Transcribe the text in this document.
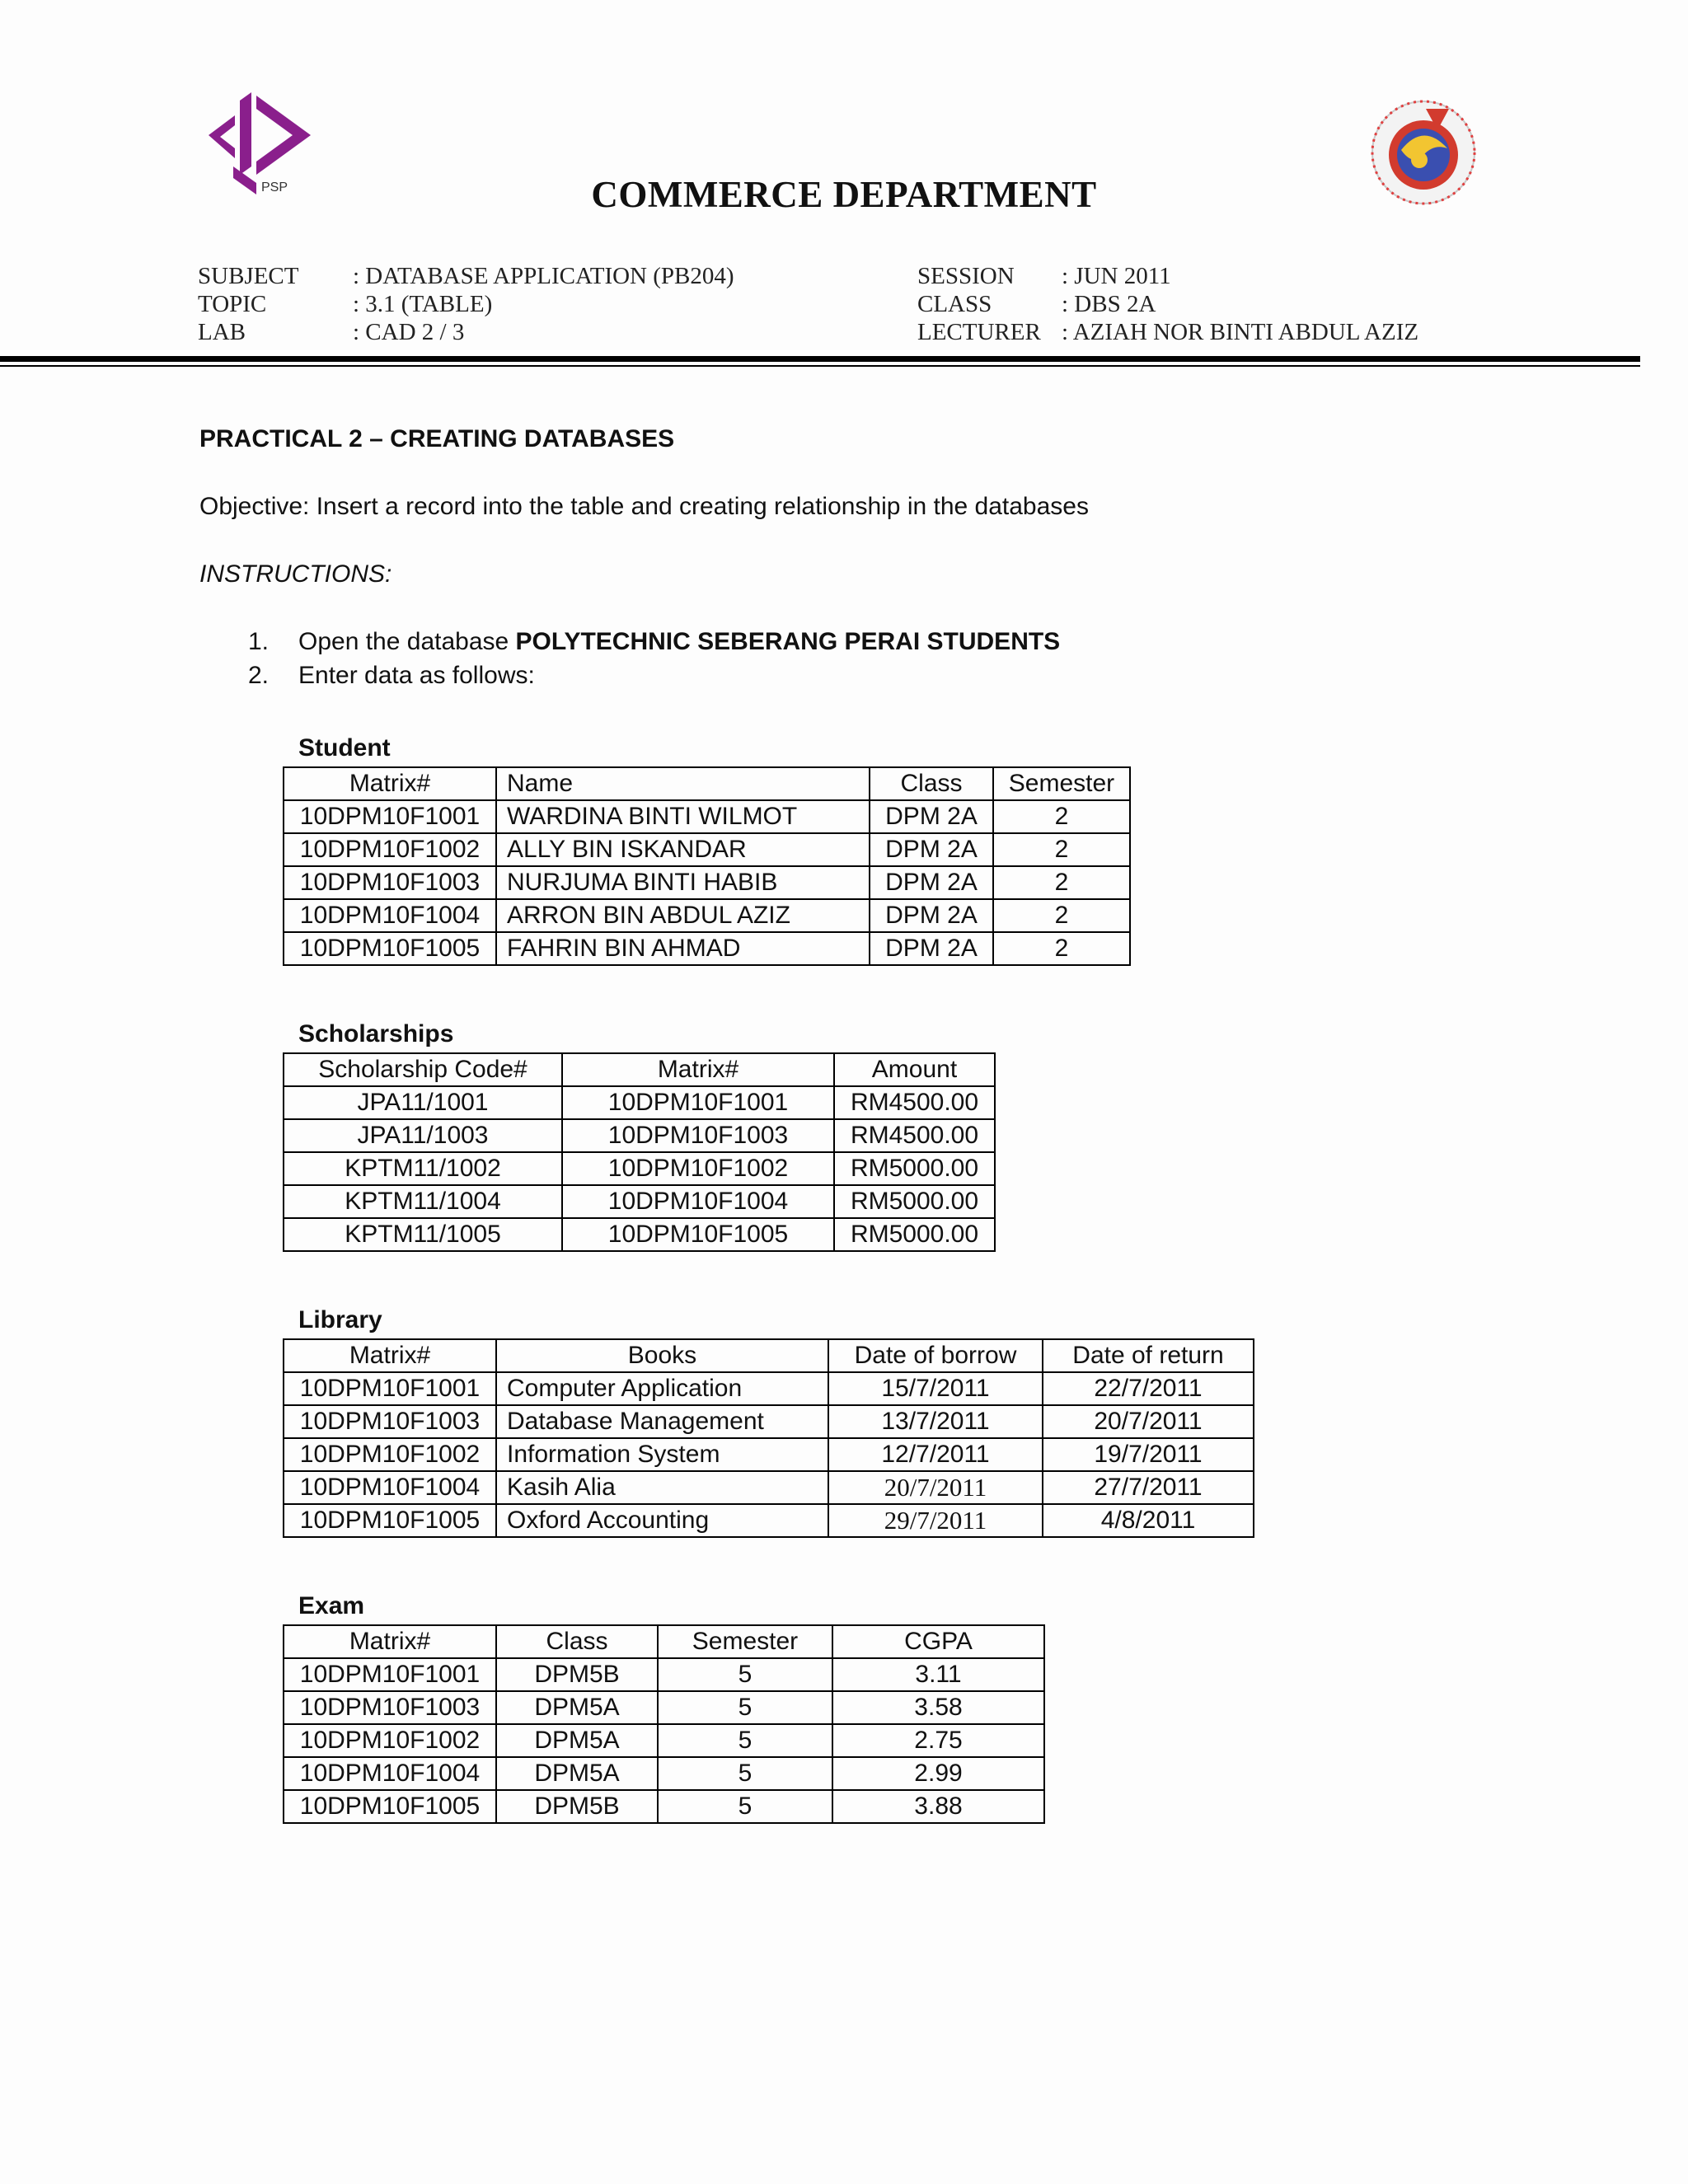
PSP	COMMERCE DEPARTMENT
SUBJECT : DATABASE APPLICATION (PB204)
TOPIC	: 3.1 (TABLE)
LAB	: CAD 2 / 3
SESSION : JUN 2011
CLASS	: DBS 2A
LECTURER : AZIAH NOR BINTI ABDUL AZIZ
PRACTICAL 2 – CREATING DATABASES
Objective: Insert a record into the table and creating relationship in the databases
INSTRUCTIONS:
1. Open the database POLYTECHNIC SEBERANG PERAI STUDENTS
2. Enter data as follows:
Student
Matrix#	Name	Class	Semester
10DPM10F1001	WARDINA BINTI WILMOT	DPM 2A	2
10DPM10F1002	ALLY BIN ISKANDAR	DPM 2A	2
10DPM10F1003	NURJUMA BINTI HABIB	DPM 2A	2
10DPM10F1004	ARRON BIN ABDUL AZIZ	DPM 2A	2
10DPM10F1005	FAHRIN BIN AHMAD	DPM 2A	2
Scholarships
Scholarship Code#	Matrix#	Amount
JPA11/1001	10DPM10F1001	RM4500.00
JPA11/1003	10DPM10F1003	RM4500.00
KPTM11/1002	10DPM10F1002	RM5000.00
KPTM11/1004	10DPM10F1004	RM5000.00
KPTM11/1005	10DPM10F1005	RM5000.00
Library
Matrix#	Books	Date of borrow	Date of return
10DPM10F1001	Computer Application	15/7/2011	22/7/2011
10DPM10F1003	Database Management	13/7/2011	20/7/2011
10DPM10F1002	Information System	12/7/2011	19/7/2011
10DPM10F1004	Kasih Alia	20/7/2011	27/7/2011
10DPM10F1005	Oxford Accounting	29/7/2011	4/8/2011
Exam
Matrix#	Class	Semester	CGPA
10DPM10F1001	DPM5B	5	3.11
10DPM10F1003	DPM5A	5	3.58
10DPM10F1002	DPM5A	5	2.75
10DPM10F1004	DPM5A	5	2.99
10DPM10F1005	DPM5B	5	3.88
